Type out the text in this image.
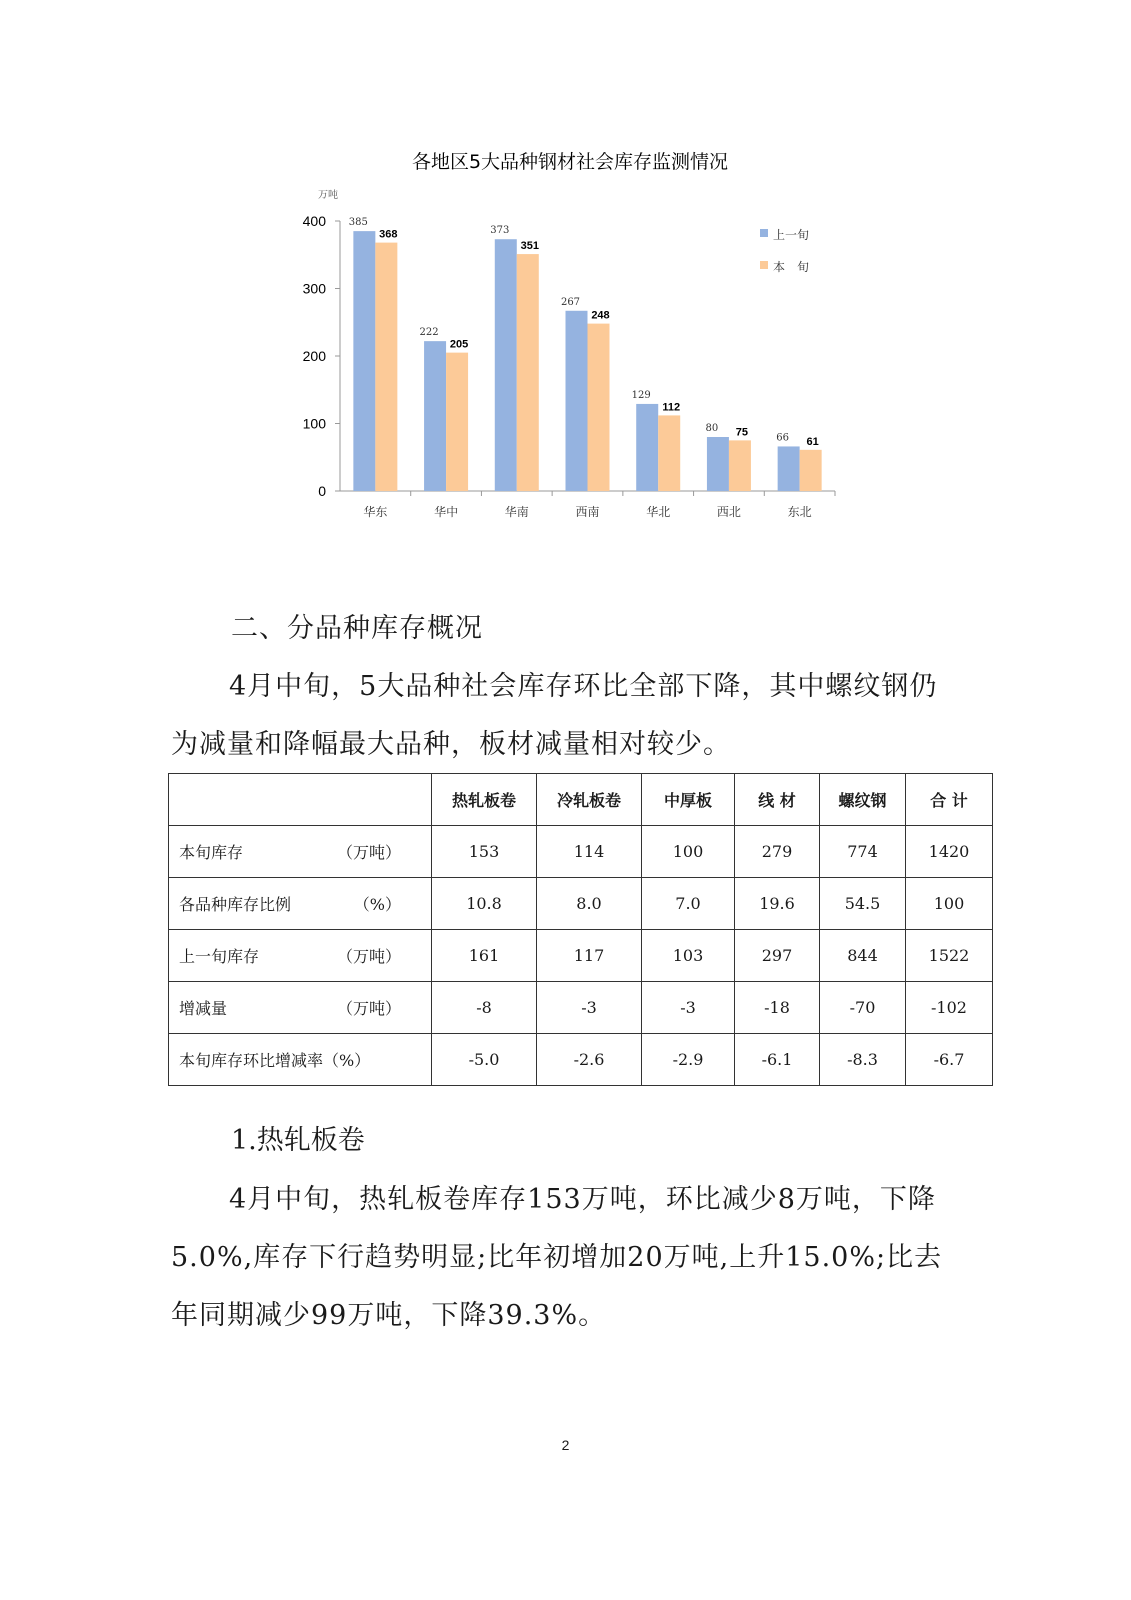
各地区5大品种钢材社会库存监测情况
万吨
0
100
200
300
400 385
368
华东
222
205
华中
373
351
华南
267
248
西南
129
112
华北
80 75
西北
66 61
东北
上一旬
本　旬
二、分品种库存概况

4月中旬，5大品种社会库存环比全部下降，其中螺纹钢仍为减量和降幅最大品种，板材减量相对较少。

	热轧板卷	冷轧板卷	中厚板	线 材	螺纹钢	合 计
本旬库存 （万吨）	153	114	100	279	774	1420
各品种库存比例 （%）	10.8	8.0	7.0	19.6	54.5	100
上一旬库存 （万吨）	161	117	103	297	844	1522
增减量 （万吨）	-8	-3	-3	-18	-70	-102
本旬库存环比增减率（%）	-5.0	-2.6	-2.9	-6.1	-8.3	-6.7
1.热轧板卷

4月中旬，热轧板卷库存153万吨，环比减少8万吨，下降5.0%,库存下行趋势明显;比年初增加20万吨,上升15.0%;比去年同期减少99万吨，下降39.3%。

2
